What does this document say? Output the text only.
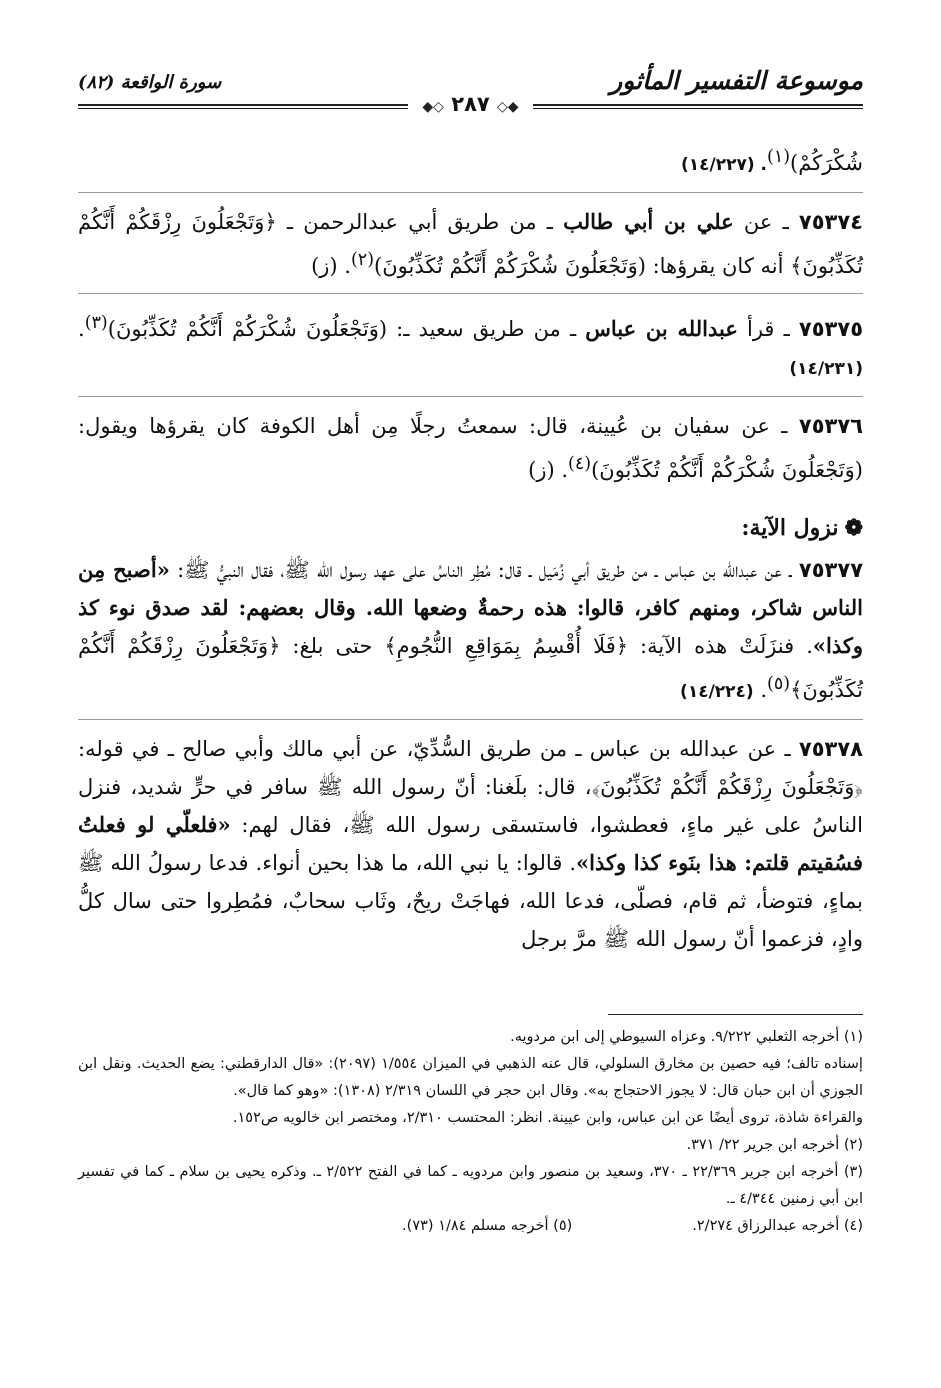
موسوعة التفسير المأثور
سورة الواقعة (٨٢)
◆◇ ٢٨٧ ◇◆

شُكْرَكُمْ)$^{(١)}$. (١٤/٢٢٧)

٧٥٣٧٤ ـ عن علي بن أبي طالب ـ من طريق أبي عبدالرحمن ـ ﴿وَتَجْعَلُونَ رِزْقَكُمْ أَنَّكُمْ تُكَذِّبُونَ﴾ أنه كان يقرؤها: (وَتَجْعَلُونَ شُكْرَكُمْ أَنَّكُمْ تُكَذِّبُونَ)$^{(٢)}$. (ز)

٧٥٣٧٥ ـ قرأ عبدالله بن عباس ـ من طريق سعيد ـ: (وَتَجْعَلُونَ شُكْرَكُمْ أَنَّكُمْ تُكَذِّبُونَ)$^{(٣)}$. (١٤/٢٣١)

٧٥٣٧٦ ـ عن سفيان بن عُيينة، قال: سمعتُ رجلًا مِن أهل الكوفة كان يقرؤها ويقول: (وَتَجْعَلُونَ شُكْرَكُمْ أَنَّكُمْ تُكَذِّبُونَ)$^{(٤)}$. (ز)

❁نزول الآية:

٧٥٣٧٧ ـ عن عبدالله بن عباس ـ من طريق أبي زُمَيل ـ قال: مُطِر الناسُ على عهد رسول الله ﷺ، فقال النبيُّ ﷺ: «أصبح مِن الناس شاكر، ومنهم كافر، قالوا: هذه رحمةٌ وضعها الله. وقال بعضهم: لقد صدق نوء كذ وكذا». فنزَلَتْ هذه الآية: ﴿فَلَا أُقْسِمُ بِمَوَاقِعِ النُّجُومِ﴾ حتى بلغ: ﴿وَتَجْعَلُونَ رِزْقَكُمْ أَنَّكُمْ تُكَذِّبُونَ﴾$^{(٥)}$. (١٤/٢٢٤)

٧٥٣٧٨ ـ عن عبدالله بن عباس ـ من طريق السُّدِّيّ، عن أبي مالك وأبي صالح ـ في قوله: ﴿وَتَجْعَلُونَ رِزْقَكُمْ أَنَّكُمْ تُكَذِّبُونَ﴾، قال: بلَغنا: أنّ رسول الله ﷺ سافر في حرٍّ شديد، فنزل الناسُ على غير ماءٍ، فعطشوا، فاستسقى رسول الله ﷺ، فقال لهم: «فلعلّي لو فعلتُ فسُقيتم قلتم: هذا بنَوء كذا وكذا». قالوا: يا نبي الله، ما هذا بحين أنواء. فدعا رسولُ الله ﷺ بماءٍ، فتوضأ، ثم قام، فصلّى، فدعا الله، فهاجَتْ ريحٌ، وثَاب سحابٌ، فمُطِروا حتى سال كلُّ وادٍ، فزعموا أنّ رسول الله ﷺ مرَّ برجل

(١) أخرجه الثعلبي ٩/٢٢٢. وعزاه السيوطي إلى ابن مردويه.

إسناده تالف؛ فيه حصين بن مخارق السلولي، قال عنه الذهبي في الميزان ١/٥٥٤ (٢٠٩٧): «قال الدارقطني: يضع الحديث. ونقل ابن الجوزي أن ابن حبان قال: لا يجوز الاحتجاج به». وقال ابن حجر في اللسان ٢/٣١٩ (١٣٠٨): «وهو كما قال».

والقراءة شاذة، تروى أيضًا عن ابن عباس، وابن عيينة. انظر: المحتسب ٢/٣١٠، ومختصر ابن خالويه ص١٥٢.

(٢) أخرجه ابن جرير ٢٢/ ٣٧١.

(٣) أخرجه ابن جرير ٢٢/٣٦٩ ـ ٣٧٠، وسعيد بن منصور وابن مردويه ـ كما في الفتح ٢/٥٢٢ ـ. وذكره يحيى بن سلام ـ كما في تفسير ابن أبي زمنين ٤/٣٤٤ ـ.

(٤) أخرجه عبدالرزاق ٢/٢٧٤.

(٥) أخرجه مسلم ١/٨٤ (٧٣).
